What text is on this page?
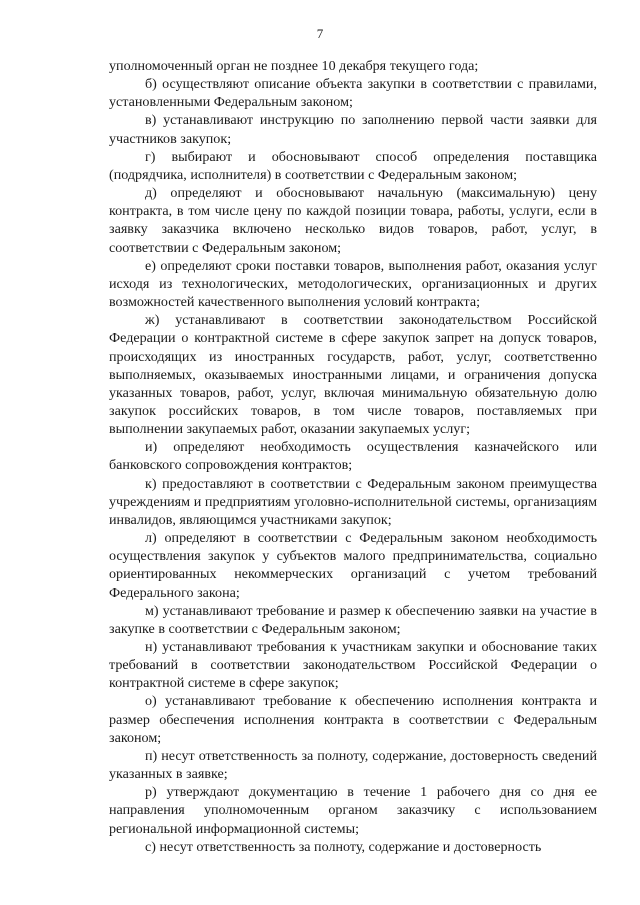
7

уполномоченный орган не позднее 10 декабря текущего года;

б) осуществляют описание объекта закупки в соответствии с правилами, установленными Федеральным законом;

в) устанавливают инструкцию по заполнению первой части заявки для участников закупок;

г) выбирают и обосновывают способ определения поставщика (подрядчика, исполнителя) в соответствии с Федеральным законом;

д) определяют и обосновывают начальную (максимальную) цену контракта, в том числе цену по каждой позиции товара, работы, услуги, если в заявку заказчика включено несколько видов товаров, работ, услуг, в соответствии с Федеральным законом;

е) определяют сроки поставки товаров, выполнения работ, оказания услуг исходя из технологических, методологических, организационных и других возможностей качественного выполнения условий контракта;

ж) устанавливают в соответствии законодательством Российской Федерации о контрактной системе в сфере закупок запрет на допуск товаров, происходящих из иностранных государств, работ, услуг, соответственно выполняемых, оказываемых иностранными лицами, и ограничения допуска указанных товаров, работ, услуг, включая минимальную обязательную долю закупок российских товаров, в том числе товаров, поставляемых при выполнении закупаемых работ, оказании закупаемых услуг;

и) определяют необходимость осуществления казначейского или банковского сопровождения контрактов;

к) предоставляют в соответствии с Федеральным законом преимущества учреждениям и предприятиям уголовно-исполнительной системы, организациям инвалидов, являющимся участниками закупок;

л) определяют в соответствии с Федеральным законом необходимость осуществления закупок у субъектов малого предпринимательства, социально ориентированных некоммерческих организаций с учетом требований Федерального закона;

м) устанавливают требование и размер к обеспечению заявки на участие в закупке в соответствии с Федеральным законом;

н) устанавливают требования к участникам закупки и обоснование таких требований в соответствии законодательством Российской Федерации о контрактной системе в сфере закупок;

о) устанавливают требование к обеспечению исполнения контракта и размер обеспечения исполнения контракта в соответствии с Федеральным законом;

п) несут ответственность за полноту, содержание, достоверность сведений указанных в заявке;

р) утверждают документацию в течение 1 рабочего дня со дня ее направления уполномоченным органом заказчику с использованием региональной информационной системы;

с) несут ответственность за полноту, содержание и достоверность
